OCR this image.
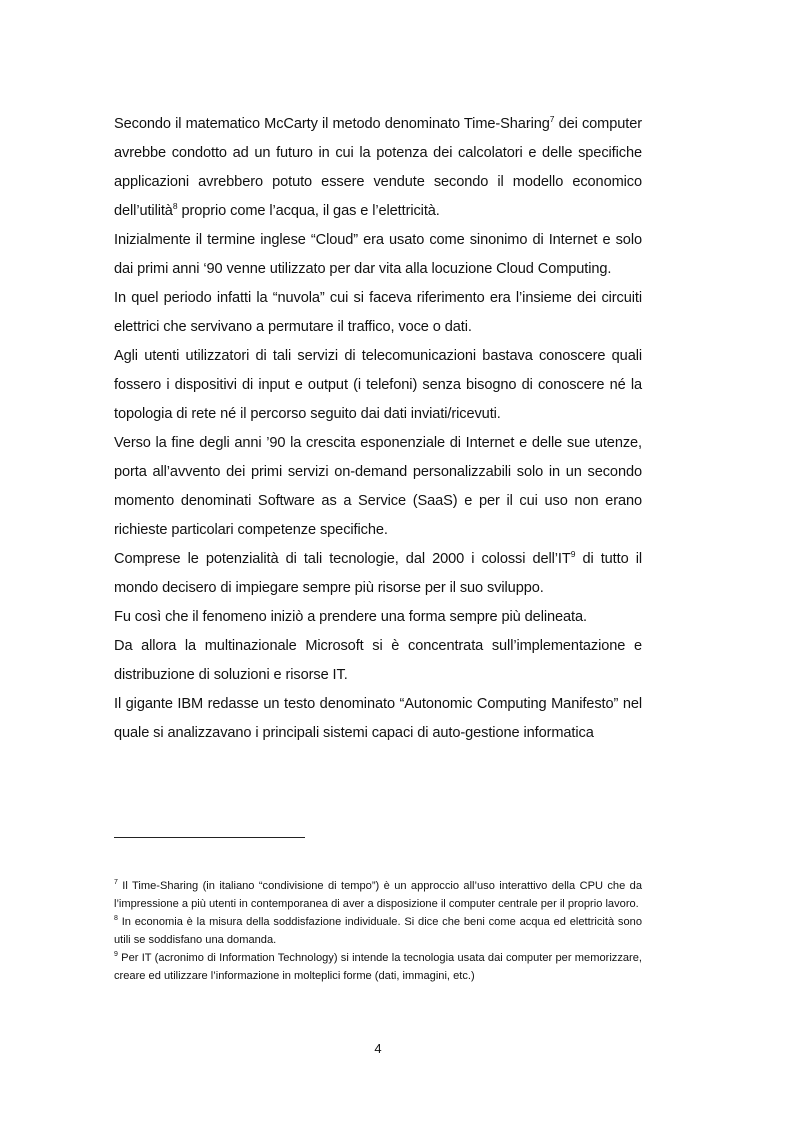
Secondo il matematico McCarty il metodo denominato Time-Sharing$^7$ dei computer avrebbe condotto ad un futuro in cui la potenza dei calcolatori e delle specifiche applicazioni avrebbero potuto essere vendute secondo il modello economico dell’utilità$^8$ proprio come l’acqua, il gas e l’elettricità.

Inizialmente il termine inglese “Cloud” era usato come sinonimo di Internet e solo dai primi anni ‘90 venne utilizzato per dar vita alla locuzione Cloud Computing.

In quel periodo infatti la “nuvola” cui si faceva riferimento era l’insieme dei circuiti elettrici che servivano a permutare il traffico, voce o dati.

Agli utenti utilizzatori di tali servizi di telecomunicazioni bastava conoscere quali fossero i dispositivi di input e output (i telefoni) senza bisogno di conoscere né la topologia di rete né il percorso seguito dai dati inviati/ricevuti.

Verso la fine degli anni ’90 la crescita esponenziale di Internet e delle sue utenze, porta all’avvento dei primi servizi on-demand personalizzabili solo in un secondo momento denominati Software as a Service (SaaS) e per il cui uso non erano richieste particolari competenze specifiche.

Comprese le potenzialità di tali tecnologie, dal 2000 i colossi dell’IT$^9$ di tutto il mondo decisero di impiegare sempre più risorse per il suo sviluppo.

Fu così che il fenomeno iniziò a prendere una forma sempre più delineata.

Da allora la multinazionale Microsoft si è concentrata sull’implementazione e distribuzione di soluzioni e risorse IT.

Il gigante IBM redasse un testo denominato “Autonomic Computing Manifesto” nel quale si analizzavano i principali sistemi capaci di auto-gestione informatica

$^7$ Il Time-Sharing (in italiano “condivisione di tempo”) è un approccio all’uso interattivo della CPU che da l’impressione a più utenti in contemporanea di aver a disposizione il computer centrale per il proprio lavoro.

$^8$ In economia è la misura della soddisfazione individuale. Si dice che beni come acqua ed elettricità sono utili se soddisfano una domanda.

$^9$ Per IT (acronimo di Information Technology) si intende la tecnologia usata dai computer per memorizzare, creare ed utilizzare l’informazione in molteplici forme (dati, immagini, etc.)

4
